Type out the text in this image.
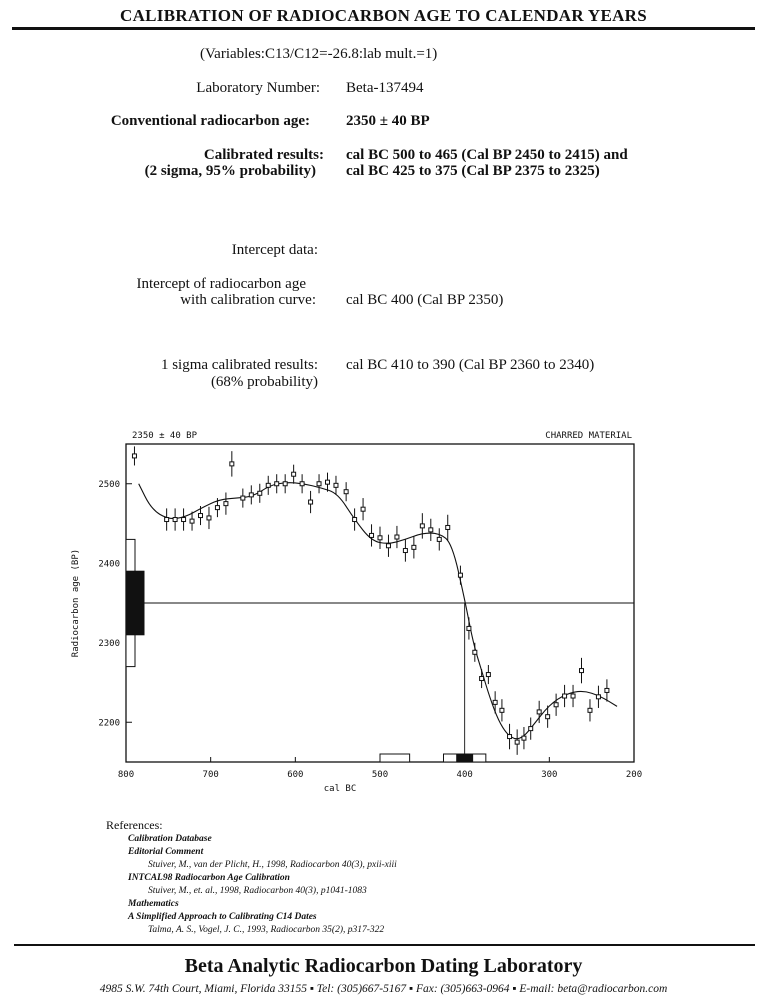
CALIBRATION OF RADIOCARBON AGE TO CALENDAR YEARS
(Variables:C13/C12=-26.8:lab mult.=1)
Laboratory Number: Beta-137494
Conventional radiocarbon age: 2350 ± 40 BP
Calibrated results:
(2 sigma, 95% probability)
cal BC 500 to 465 (Cal BP 2450 to 2415) and
cal BC 425 to 375 (Cal BP 2375 to 2325)
Intercept data:
Intercept of radiocarbon age
with calibration curve: cal BC 400 (Cal BP 2350)
1 sigma calibrated results:
(68% probability)
cal BC 410 to 390 (Cal BP 2360 to 2340)
2350 ± 40 BP	CHARRED MATERIAL
800	700	600	500	400	300	200
2500
2400
2300
2200
cal BC
Radiocarbon age (BP)
References:
Calibration Database
Editorial Comment
Stuiver, M., van der Plicht, H., 1998, Radiocarbon 40(3), pxii-xiii
INTCAL98 Radiocarbon Age Calibration
Stuiver, M., et. al., 1998, Radiocarbon 40(3), p1041-1083
Mathematics
A Simplified Approach to Calibrating C14 Dates
Talma, A. S., Vogel, J. C., 1993, Radiocarbon 35(2), p317-322
Beta Analytic Radiocarbon Dating Laboratory
4985 S.W. 74th Court, Miami, Florida 33155 ▪ Tel: (305)667-5167 ▪ Fax: (305)663-0964 ▪ E-mail: beta@radiocarbon.com
